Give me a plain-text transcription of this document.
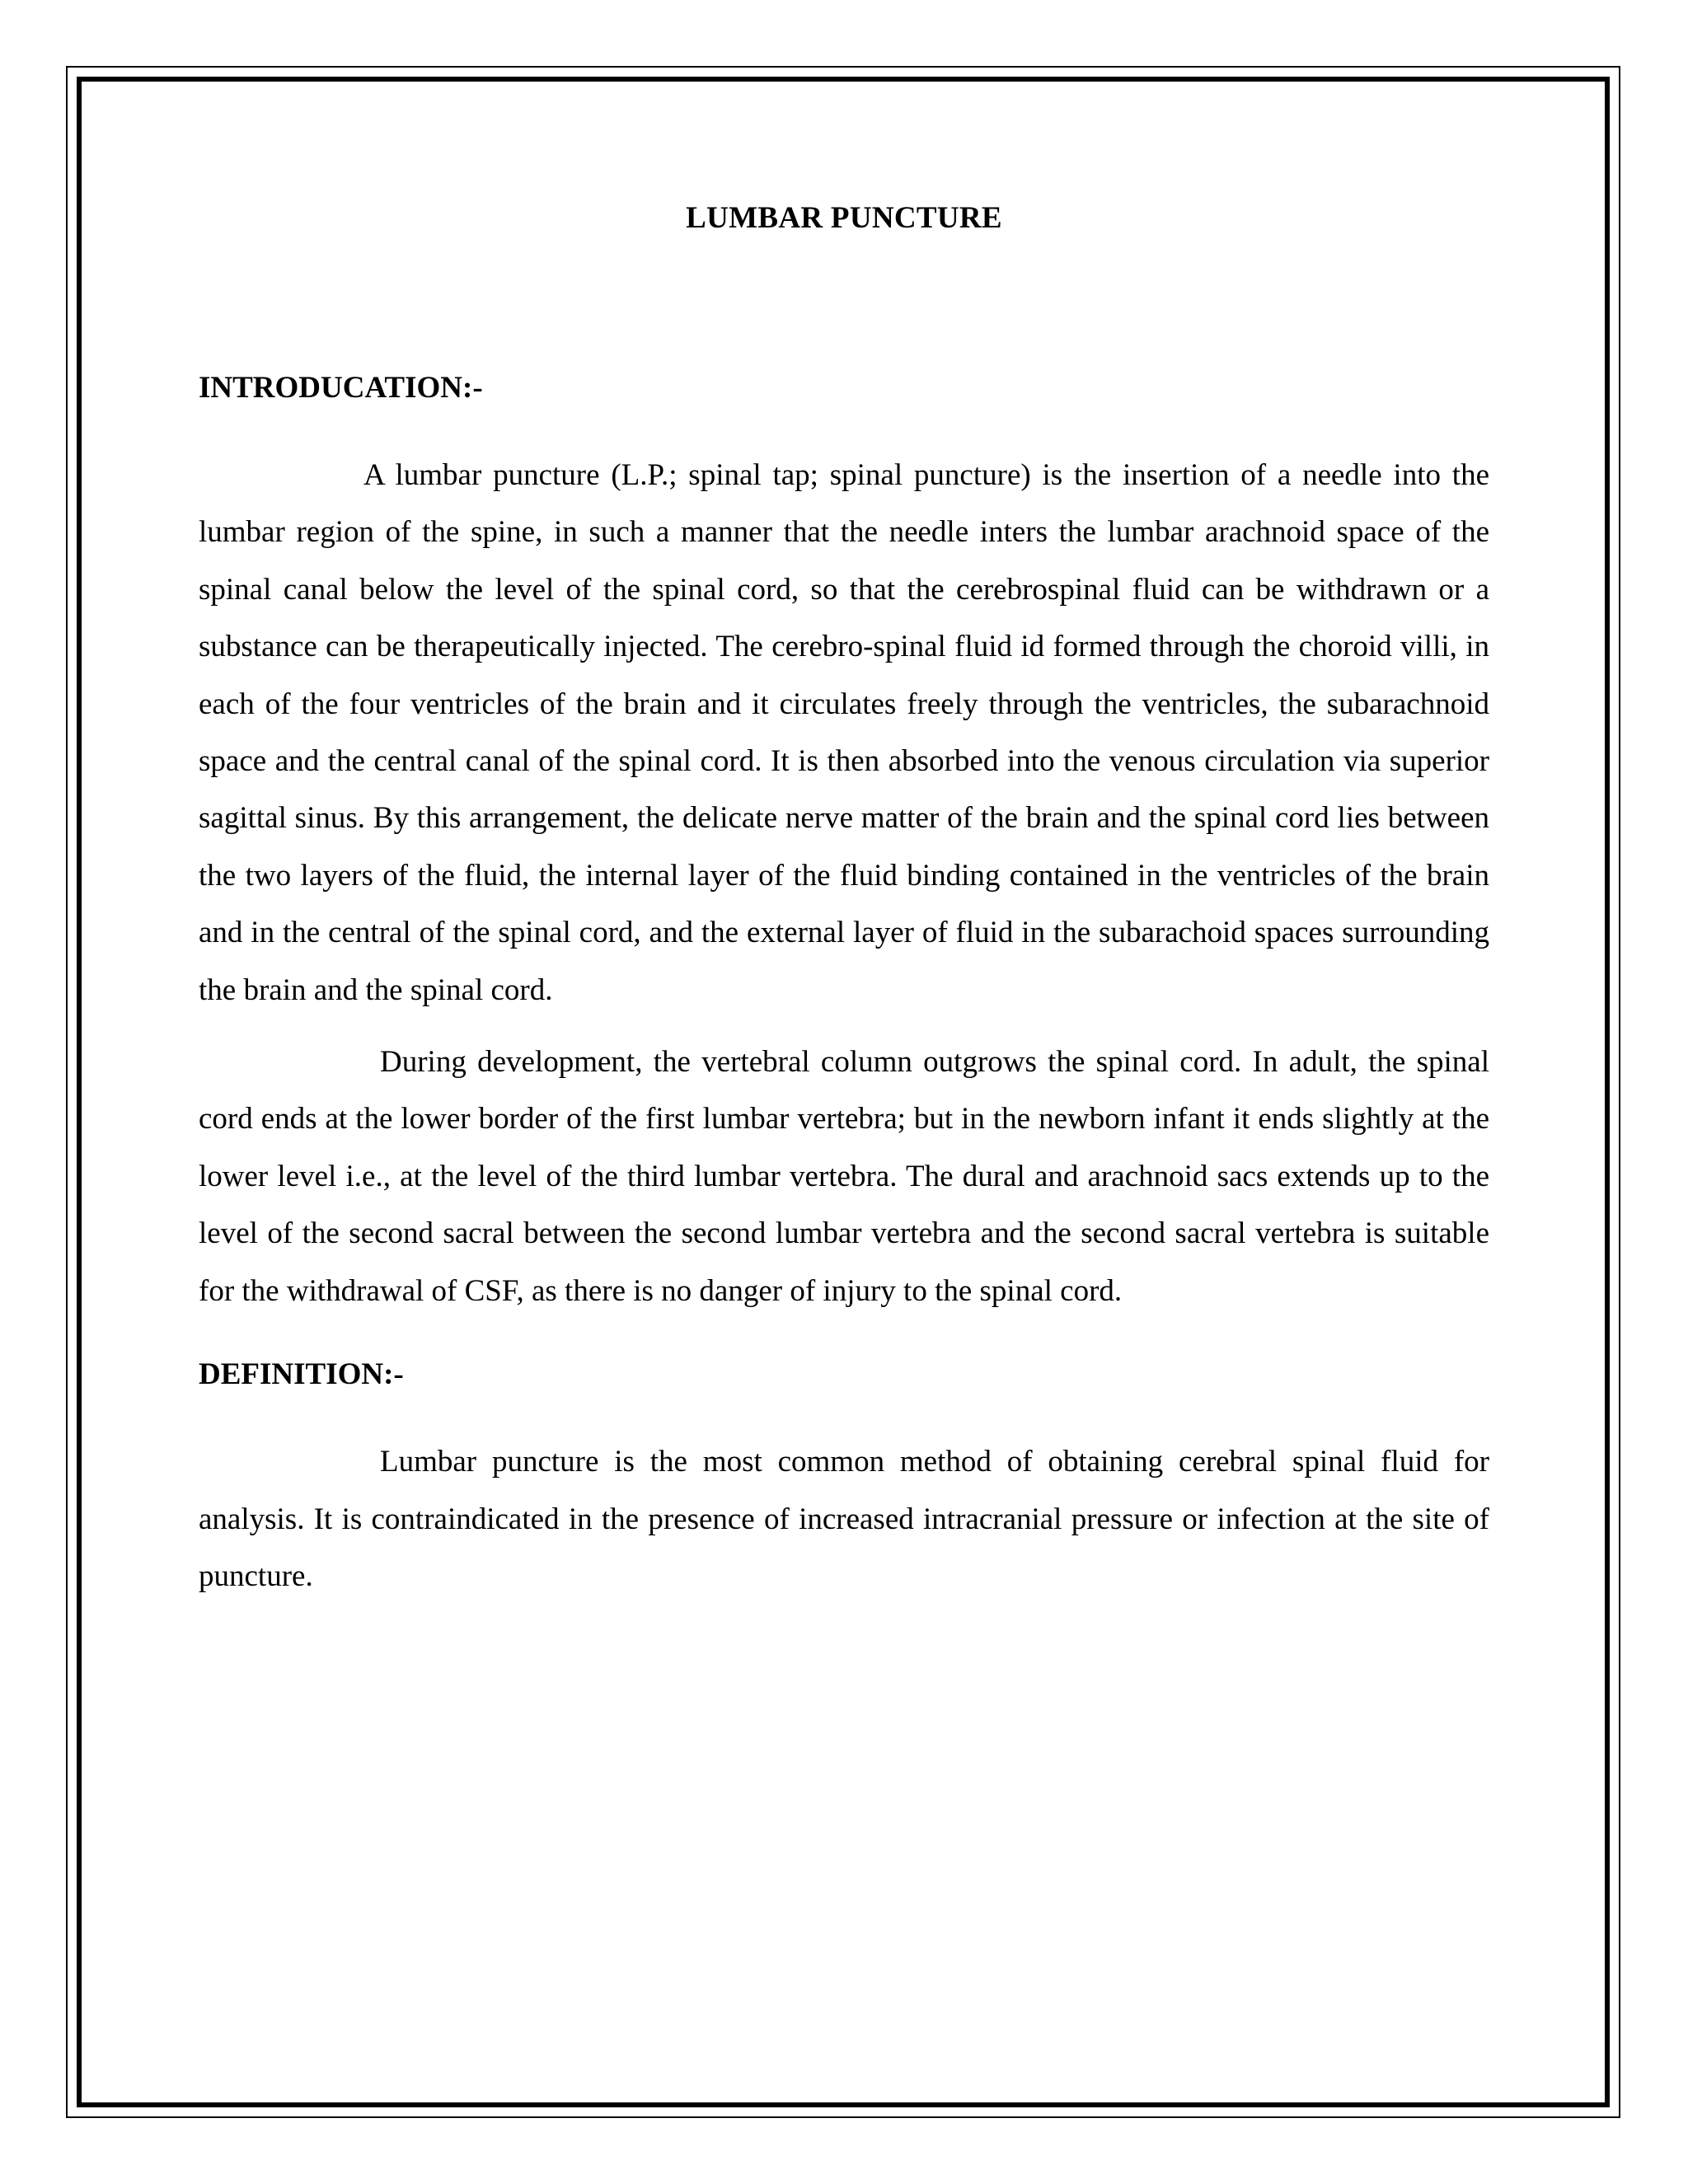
LUMBAR PUNCTURE
INTRODUCATION:-

A lumbar puncture (L.P.; spinal tap; spinal puncture) is the insertion of a needle into the lumbar region of the spine, in such a manner that the needle inters the lumbar arachnoid space of the spinal canal below the level of the spinal cord, so that the cerebrospinal fluid can be withdrawn or a substance can be therapeutically injected. The cerebro-spinal fluid id formed through the choroid villi, in each of the four ventricles of the brain and it circulates freely through the ventricles, the subarachnoid space and the central canal of the spinal cord. It is then absorbed into the venous circulation via superior sagittal sinus. By this arrangement, the delicate nerve matter of the brain and the spinal cord lies between the two layers of the fluid, the internal layer of the fluid binding contained in the ventricles of the brain and in the central of the spinal cord, and the external layer of fluid in the subarachoid spaces surrounding the brain and the spinal cord.

During development, the vertebral column outgrows the spinal cord. In adult, the spinal cord ends at the lower border of the first lumbar vertebra; but in the newborn infant it ends slightly at the lower level i.e., at the level of the third lumbar vertebra. The dural and arachnoid sacs extends up to the level of the second sacral between the second lumbar vertebra and the second sacral vertebra is suitable for the withdrawal of CSF, as there is no danger of injury to the spinal cord.

DEFINITION:-

Lumbar puncture is the most common method of obtaining cerebral spinal fluid for analysis. It is contraindicated in the presence of increased intracranial pressure or infection at the site of puncture.
